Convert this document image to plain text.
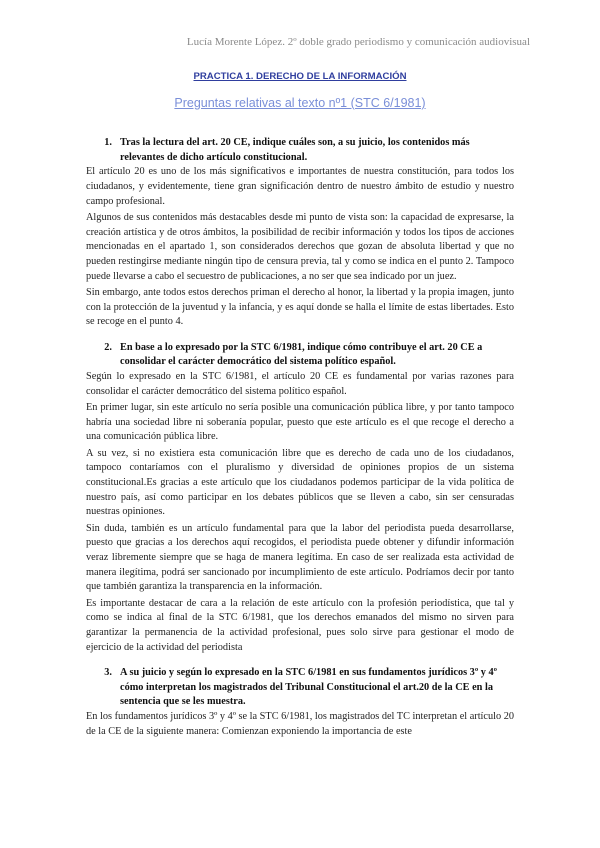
Lucía Morente López. 2º doble grado periodismo y comunicación audiovisual
PRACTICA 1. DERECHO DE LA INFORMACIÓN
Preguntas relativas al texto nº1 (STC 6/1981)
1. Tras la lectura del art. 20 CE, indique cuáles son, a su juicio, los contenidos más relevantes de dicho artículo constitucional.

El artículo 20 es uno de los más significativos e importantes de nuestra constitución, para todos los ciudadanos, y evidentemente, tiene gran significación dentro de nuestro ámbito de estudio y nuestro campo profesional.

Algunos de sus contenidos más destacables desde mi punto de vista son: la capacidad de expresarse, la creación artística y de otros ámbitos, la posibilidad de recibir información y todos los tipos de acciones mencionadas en el apartado 1, son considerados derechos que gozan de absoluta libertad y que no pueden restingirse mediante ningún tipo de censura previa, tal y como se indica en el punto 2. Tampoco puede llevarse a cabo el secuestro de publicaciones, a no ser que sea indicado por un juez.

Sin embargo, ante todos estos derechos priman el derecho al honor, la libertad y la propia imagen, junto con la protección de la juventud y la infancia, y es aquí donde se halla el límite de estas libertades. Esto se recoge en el punto 4.

2. En base a lo expresado por la STC 6/1981, indique cómo contribuye el art. 20 CE a consolidar el carácter democrático del sistema político español.

Según lo expresado en la STC 6/1981, el artículo 20 CE es fundamental por varias razones para consolidar el carácter democrático del sistema político español.

En primer lugar, sin este artículo no sería posible una comunicación pública libre, y por tanto tampoco habría una sociedad libre ni soberanía popular, puesto que este artículo es el que recoge el derecho a una comunicación pública libre.

A su vez, si no existiera esta comunicación libre que es derecho de cada uno de los ciudadanos, tampoco contaríamos con el pluralismo y diversidad de opiniones propios de un sistema constitucional.Es gracias a este artículo que los ciudadanos podemos participar de la vida política de nuestro país, así como participar en los debates públicos que se lleven a cabo, sin ser censuradas nuestras opiniones.

Sin duda, también es un artículo fundamental para que la labor del periodista pueda desarrollarse, puesto que gracias a los derechos aquí recogidos, el periodista puede obtener y difundir información veraz libremente siempre que se haga de manera legítima. En caso de ser realizada esta actividad de manera ilegítima, podrá ser sancionado por incumplimiento de este artículo. Podríamos decir por tanto que también garantiza la transparencia en la información.

Es importante destacar de cara a la relación de este artículo con la profesión periodística, que tal y como se indica al final de la STC 6/1981, que los derechos emanados del mismo no sirven para garantizar la permanencia de la actividad profesional, pues solo sirve para gestionar el modo de ejercicio de la actividad del periodista

3. A su juicio y según lo expresado en la STC 6/1981 en sus fundamentos jurídicos 3º y 4º cómo interpretan los magistrados del Tribunal Constitucional el art.20 de la CE en la sentencia que se les muestra.

En los fundamentos jurídicos 3º y 4º se la STC 6/1981, los magistrados del TC interpretan el artículo 20 de la CE de la siguiente manera: Comienzan exponiendo la importancia de este
